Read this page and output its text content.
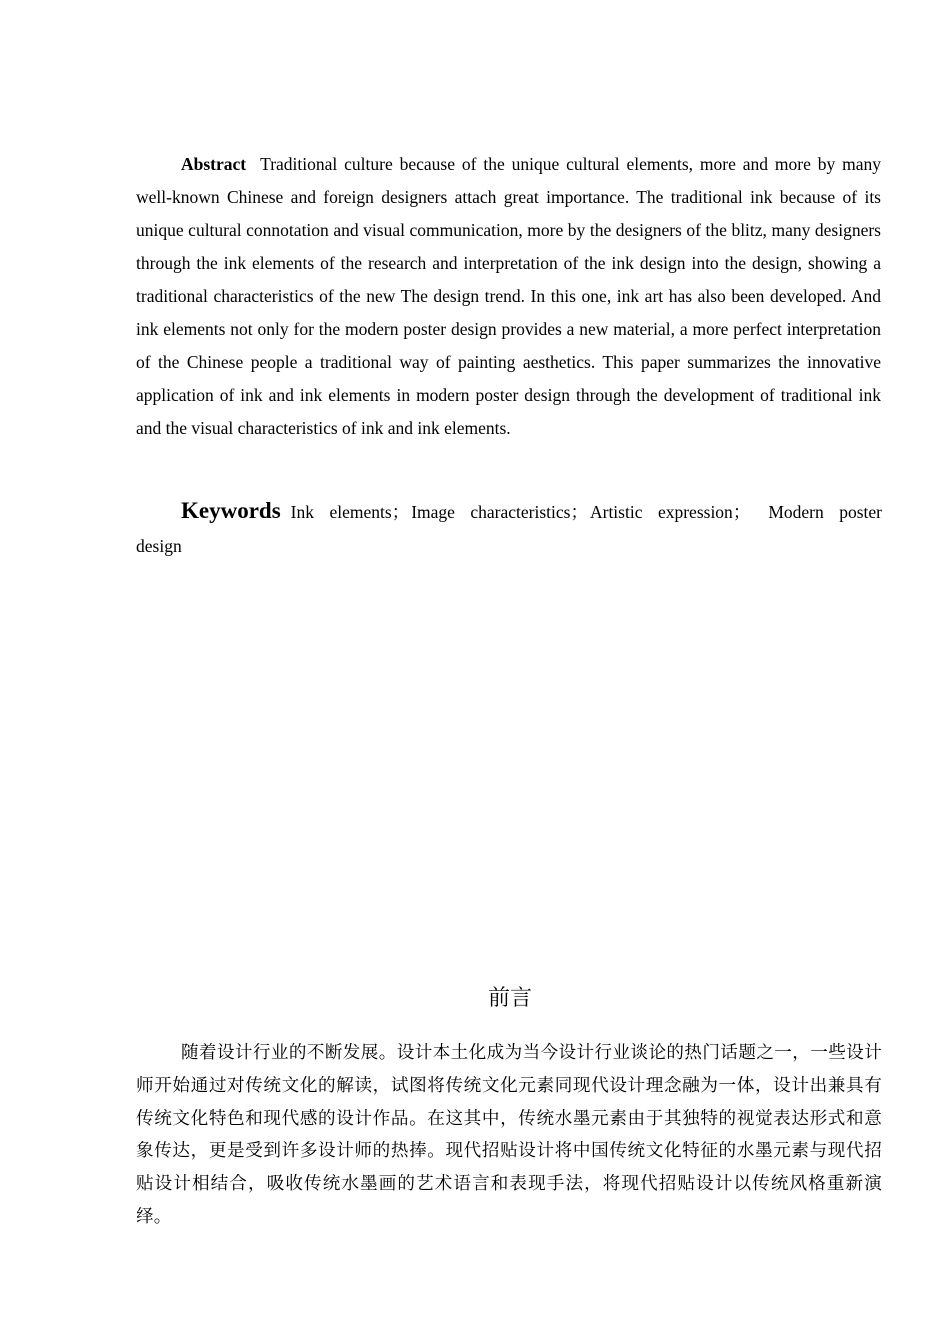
Abstract Traditional culture because of the unique cultural elements, more and more by many well-known Chinese and foreign designers attach great importance. The traditional ink because of its unique cultural connotation and visual communication, more by the designers of the blitz, many designers through the ink elements of the research and interpretation of the ink design into the design, showing a traditional characteristics of the new The design trend. In this one, ink art has also been developed. And ink elements not only for the modern poster design provides a new material, a more perfect interpretation of the Chinese people a traditional way of painting aesthetics. This paper summarizes the innovative application of ink and ink elements in modern poster design through the development of traditional ink and the visual characteristics of ink and ink elements.

Keywords Ink elements； Image characteristics； Artistic expression； Modern poster design

前言

随着设计行业的不断发展。设计本土化成为当今设计行业谈论的热门话题之一，一些设计师开始通过对传统文化的解读，试图将传统文化元素同现代设计理念融为一体，设计出兼具有传统文化特色和现代感的设计作品。在这其中，传统水墨元素由于其独特的视觉表达形式和意象传达，更是受到许多设计师的热捧。现代招贴设计将中国传统文化特征的水墨元素与现代招贴设计相结合，吸收传统水墨画的艺术语言和表现手法，将现代招贴设计以传统风格重新演绎。
